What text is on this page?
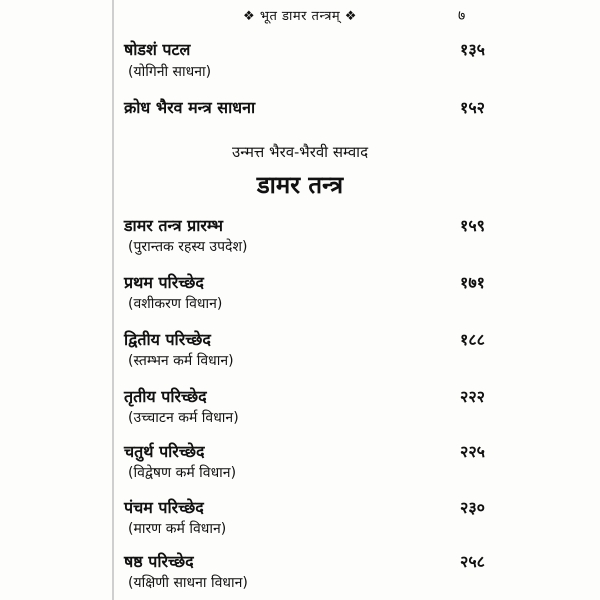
❖ भूत डामर तन्त्रम् ❖	७
षोडशं पटल	१३५
(योगिनी साधना)
क्रोध भैरव मन्त्र साधना	१५२
उन्मत्त भैरव-भैरवी सम्वाद
डामर तन्त्र
डामर तन्त्र प्रारम्भ	१५९
(पुरान्तक रहस्य उपदेश)
प्रथम परिच्छेद	१७१
(वशीकरण विधान)
द्वितीय परिच्छेद	१८८
(स्तम्भन कर्म विधान)
तृतीय परिच्छेद	२२२
(उच्चाटन कर्म विधान)
चतुर्थ परिच्छेद	२२५
(विद्वेषण कर्म विधान)
पंचम परिच्छेद	२३०
(मारण कर्म विधान)
षष्ठ परिच्छेद	२५८
(यक्षिणी साधना विधान)
